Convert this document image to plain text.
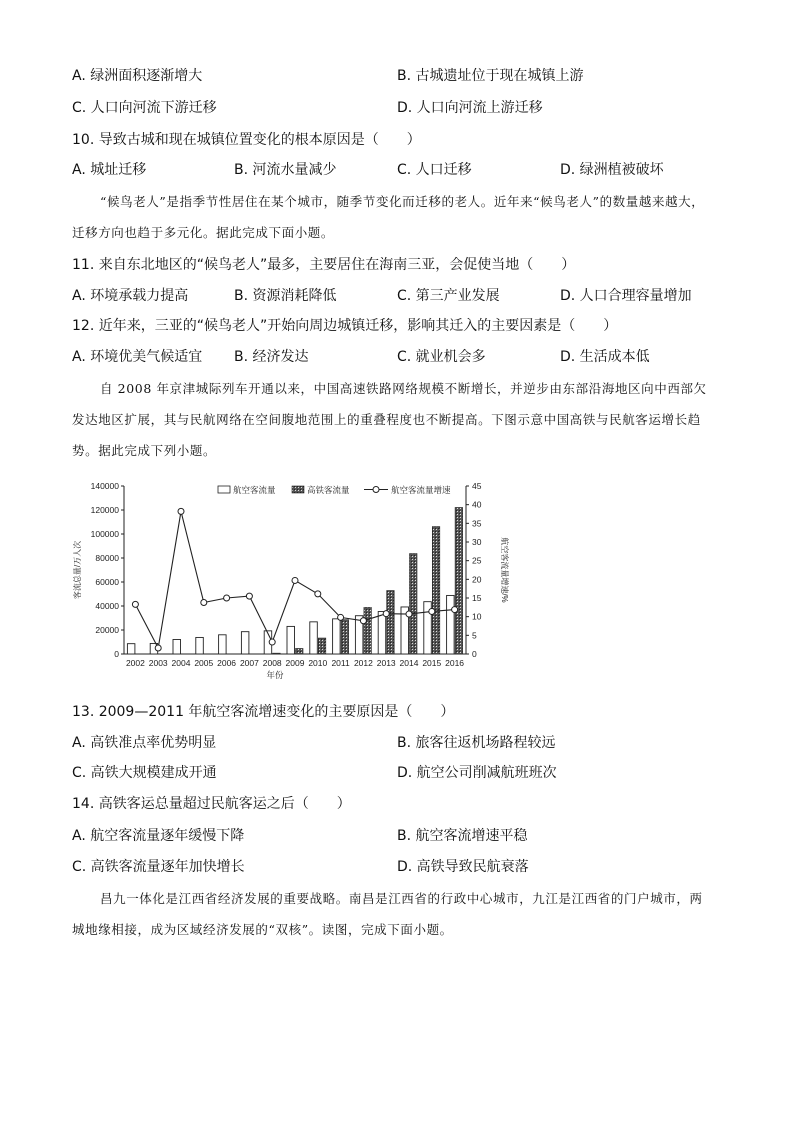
A. 绿洲面积逐渐增大	B. 古城遗址位于现在城镇上游
C. 人口向河流下游迁移	D. 人口向河流上游迁移
10. 导致古城和现在城镇位置变化的根本原因是（　　）
A. 城址迁移	B. 河流水量减少	C. 人口迁移	D. 绿洲植被破坏
“候鸟老人”是指季节性居住在某个城市，随季节变化而迁移的老人。近年来“候鸟老人”的数量越来越大，迁移方向也趋于多元化。据此完成下面小题。
11. 来自东北地区的“候鸟老人”最多，主要居住在海南三亚，会促使当地（　　）
A. 环境承载力提高	B. 资源消耗降低	C. 第三产业发展	D. 人口合理容量增加
12. 近年来，三亚的“候鸟老人”开始向周边城镇迁移，影响其迁入的主要因素是（　　）
A. 环境优美气候适宜 B. 经济发达	C. 就业机会多	D. 生活成本低
自 2008 年京津城际列车开通以来，中国高速铁路网络规模不断增长，并逆步由东部沿海地区向中西部欠发达地区扩展，其与民航网络在空间腹地范围上的重叠程度也不断提高。下图示意中国高铁与民航客运增长趋势。据此完成下列小题。
0
20000
40000
60000
80000
100000
120000
140000
0
5
10
15
20
25
30
35
40
45
2002 2003 2004 2005 2006 2007 2008 2009 2010 2011 2012 2013 2014 2015 2016
客流总量/万人次	航空客流量增速/%
年份
航空客流量	高铁客流量	航空客流量增速
13. 2009—2011 年航空客流增速变化的主要原因是（　　）
A. 高铁准点率优势明显	B. 旅客往返机场路程较远
C. 高铁大规模建成开通	D. 航空公司削减航班班次
14. 高铁客运总量超过民航客运之后（　　）
A. 航空客流量逐年缓慢下降	B. 航空客流增速平稳
C. 高铁客流量逐年加快增长	D. 高铁导致民航衰落
昌九一体化是江西省经济发展的重要战略。南昌是江西省的行政中心城市，九江是江西省的门户城市，两城地缘相接，成为区域经济发展的“双核”。读图，完成下面小题。
